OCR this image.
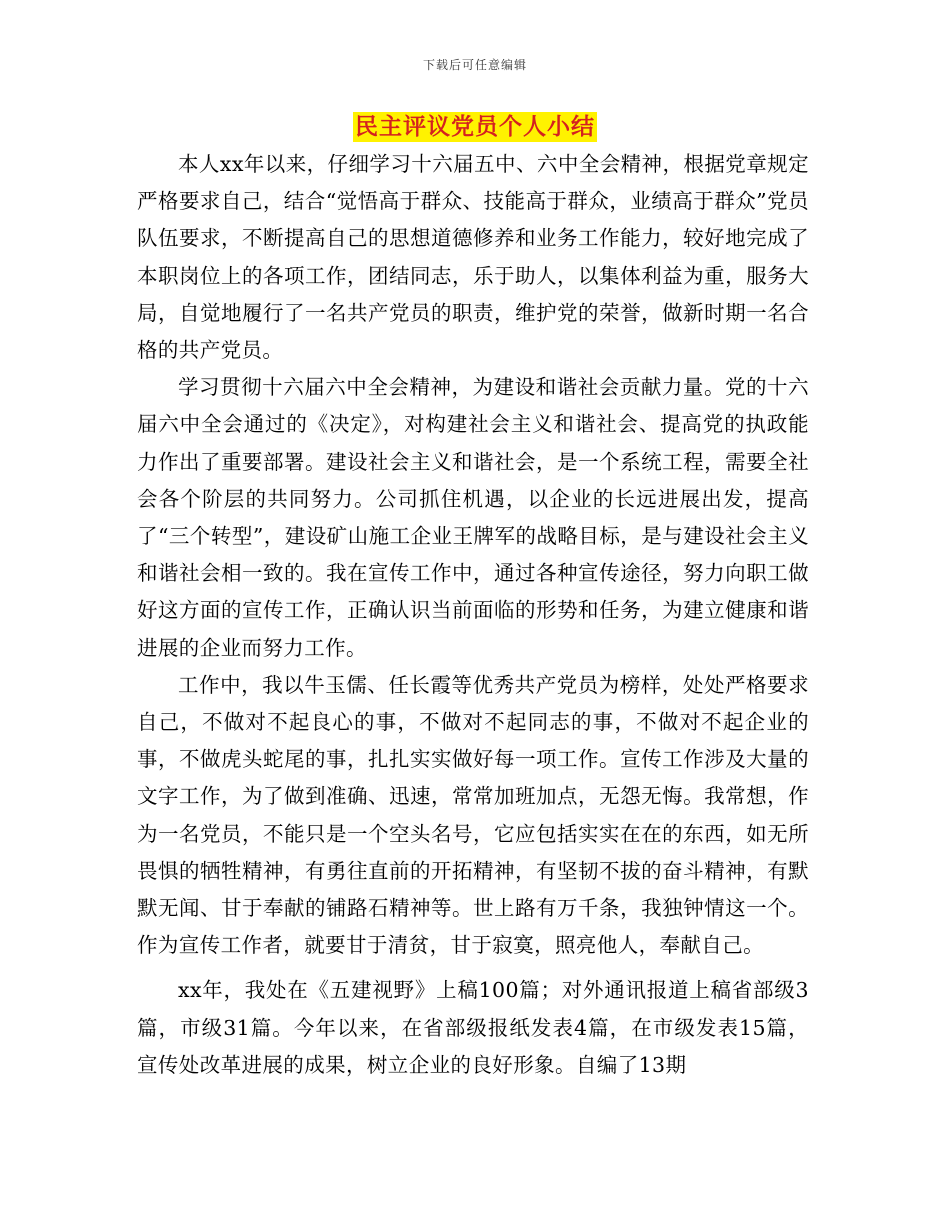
下载后可任意编辑
民主评议党员个人小结

本人xx年以来，仔细学习十六届五中、六中全会精神，根据党章规定严格要求自己，结合“觉悟高于群众、技能高于群众，业绩高于群众”党员队伍要求，不断提高自己的思想道德修养和业务工作能力，较好地完成了本职岗位上的各项工作，团结同志，乐于助人，以集体利益为重，服务大局，自觉地履行了一名共产党员的职责，维护党的荣誉，做新时期一名合格的共产党员。

学习贯彻十六届六中全会精神，为建设和谐社会贡献力量。党的十六届六中全会通过的《决定》，对构建社会主义和谐社会、提高党的执政能力作出了重要部署。建设社会主义和谐社会，是一个系统工程，需要全社会各个阶层的共同努力。公司抓住机遇，以企业的长远进展出发，提高了“三个转型”，建设矿山施工企业王牌军的战略目标，是与建设社会主义和谐社会相一致的。我在宣传工作中，通过各种宣传途径，努力向职工做好这方面的宣传工作，正确认识当前面临的形势和任务，为建立健康和谐进展的企业而努力工作。

工作中，我以牛玉儒、任长霞等优秀共产党员为榜样，处处严格要求自己，不做对不起良心的事，不做对不起同志的事，不做对不起企业的事，不做虎头蛇尾的事，扎扎实实做好每一项工作。宣传工作涉及大量的文字工作，为了做到准确、迅速，常常加班加点，无怨无悔。我常想，作为一名党员，不能只是一个空头名号，它应包括实实在在的东西，如无所畏惧的牺牲精神，有勇往直前的开拓精神，有坚韧不拔的奋斗精神，有默默无闻、甘于奉献的铺路石精神等。世上路有万千条，我独钟情这一个。作为宣传工作者，就要甘于清贫，甘于寂寞，照亮他人，奉献自己。

xx年，我处在《五建视野》上稿100篇；对外通讯报道上稿省部级3篇，市级31篇。今年以来，在省部级报纸发表4篇，在市级发表15篇，宣传处改革进展的成果，树立企业的良好形象。自编了13期
